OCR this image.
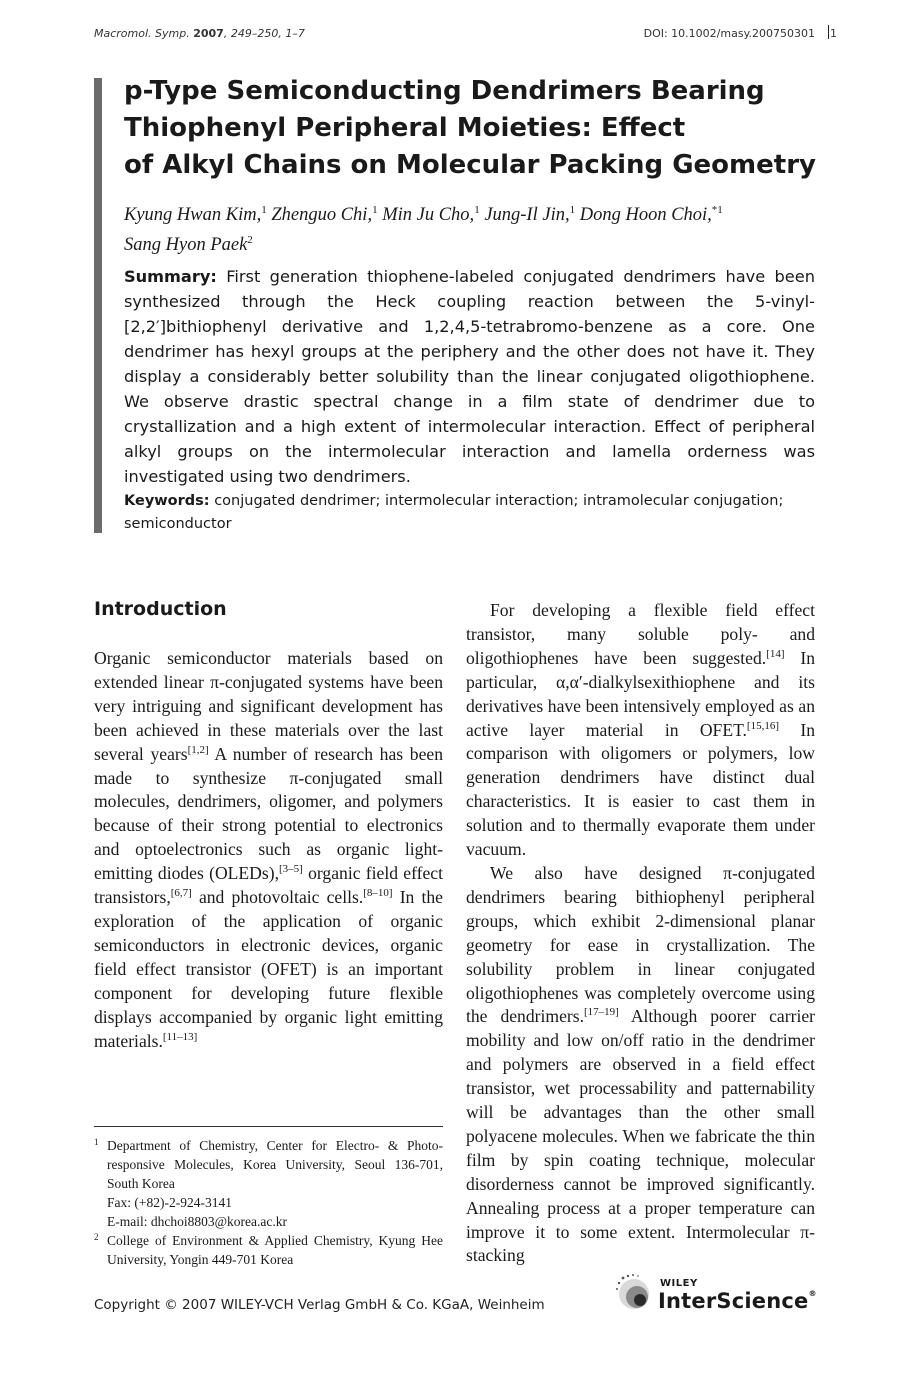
Macromol. Symp. 2007, 249–250, 1–7	DOI: 10.1002/masy.200750301 1
p-Type Semiconducting Dendrimers Bearing
Thiophenyl Peripheral Moieties: Effect
of Alkyl Chains on Molecular Packing Geometry
Kyung Hwan Kim,$^1$ Zhenguo Chi,$^1$ Min Ju Cho,$^1$ Jung-Il Jin,$^1$ Dong Hoon Choi,$^{*1}$
Sang Hyon Paek$^2$
Summary: First generation thiophene-labeled conjugated dendrimers have been synthesized through the Heck coupling reaction between the 5-vinyl-[2,2′]bithiophenyl derivative and 1,2,4,5-tetrabromo-benzene as a core. One dendrimer has hexyl groups at the periphery and the other does not have it. They display a considerably better solubility than the linear conjugated oligothiophene. We observe drastic spectral change in a film state of dendrimer due to crystallization and a high extent of intermolecular interaction. Effect of peripheral alkyl groups on the intermolecular interaction and lamella orderness was investigated using two dendrimers.
Keywords: conjugated dendrimer; intermolecular interaction; intramolecular conjugation; semiconductor
Introduction

Organic semiconductor materials based on extended linear π-conjugated systems have been very intriguing and significant development has been achieved in these materials over the last several years[1,2] A number of research has been made to synthesize π-conjugated small molecules, dendrimers, oligomer, and polymers because of their strong potential to electronics and optoelectronics such as organic light-emitting diodes (OLEDs),[3–5] organic field effect transistors,[6,7] and photovoltaic cells.[8–10] In the exploration of the application of organic semiconductors in electronic devices, organic field effect transistor (OFET) is an important component for developing future flexible displays accompanied by organic light emitting materials.[11–13]

For developing a flexible field effect transistor, many soluble poly- and oligothiophenes have been suggested.[14] In particular, α,α′-dialkylsexithiophene and its derivatives have been intensively employed as an active layer material in OFET.[15,16] In comparison with oligomers or polymers, low generation dendrimers have distinct dual characteristics. It is easier to cast them in solution and to thermally evaporate them under vacuum.

We also have designed π-conjugated dendrimers bearing bithiophenyl peripheral groups, which exhibit 2-dimensional planar geometry for ease in crystallization. The solubility problem in linear conjugated oligothiophenes was completely overcome using the dendrimers.[17–19] Although poorer carrier mobility and low on/off ratio in the dendrimer and polymers are observed in a field effect transistor, wet processability and patternability will be advantages than the other small polyacene molecules. When we fabricate the thin film by spin coating technique, molecular disorderness cannot be improved significantly. Annealing process at a proper temperature can improve it to some extent. Intermolecular π-stacking

1 Department of Chemistry, Center for Electro- & Photo-responsive Molecules, Korea University, Seoul 136-701, South Korea
Fax: (+82)-2-924-3141
E-mail: dhchoi8803@korea.ac.kr
2 College of Environment & Applied Chemistry, Kyung Hee University, Yongin 449-701 Korea
Copyright © 2007 WILEY-VCH Verlag GmbH & Co. KGaA, Weinheim
WILEY
InterScience®
